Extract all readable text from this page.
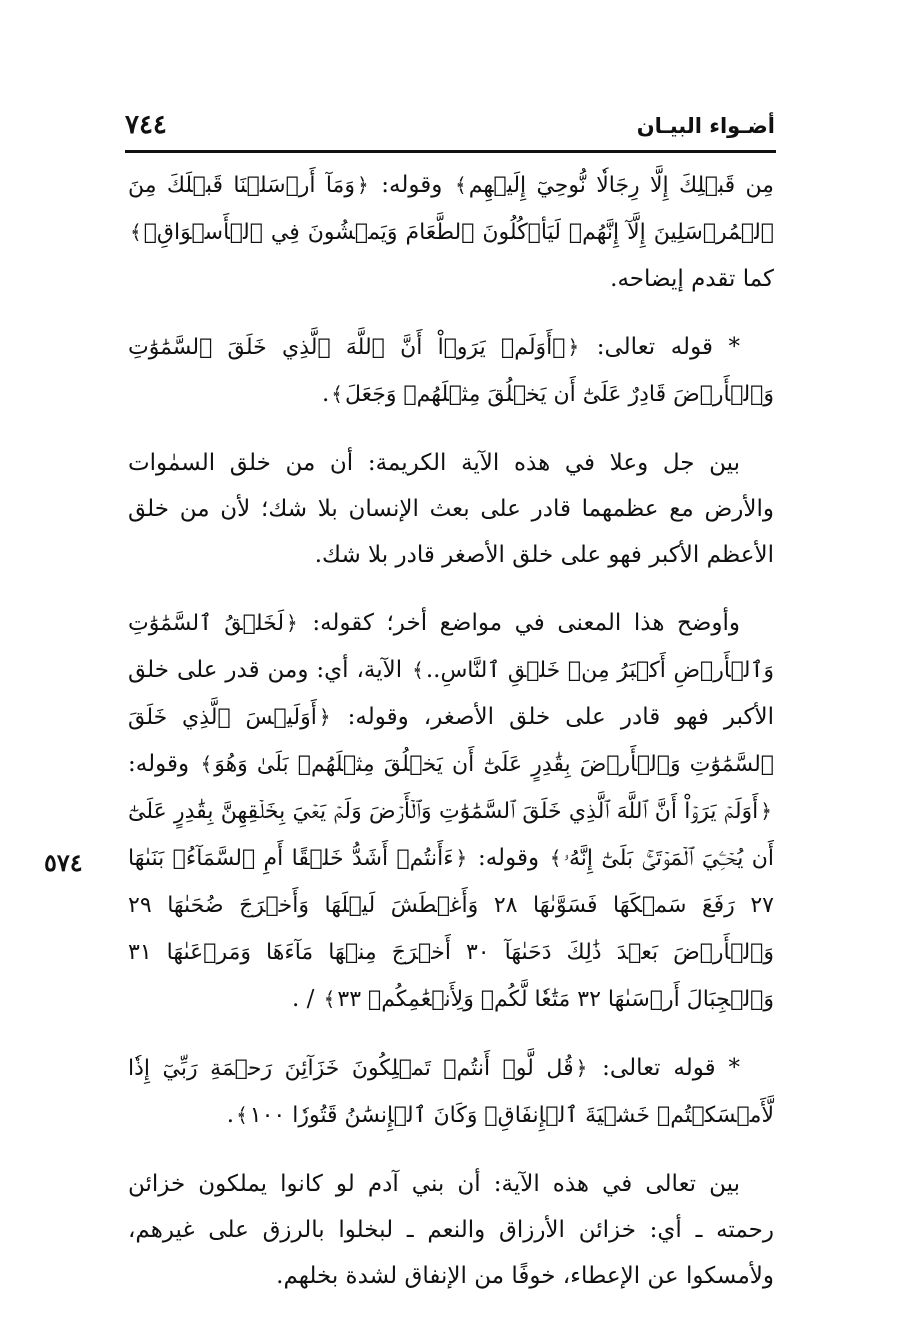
أضـواء البيـان
٧٤٤

مِن قَبۡلِكَ إِلَّا رِجَالٗا نُّوحِيٓ إِلَيۡهِم﴾ وقوله: ﴿وَمَآ أَرۡسَلۡنَا قَبۡلَكَ مِنَ ٱلۡمُرۡسَلِينَ إِلَّآ إِنَّهُمۡ لَيَأۡكُلُونَ ٱلطَّعَامَ وَيَمۡشُونَ فِي ٱلۡأَسۡوَاقِۗ﴾ كما تقدم إيضاحه.

* قوله تعالى: ﴿۞أَوَلَمۡ يَرَوۡاْ أَنَّ ٱللَّهَ ٱلَّذِي خَلَقَ ٱلسَّمَٰوَٰتِ وَٱلۡأَرۡضَ قَادِرٌ عَلَىٰٓ أَن يَخۡلُقَ مِثۡلَهُمۡ وَجَعَلَ﴾.

بين جل وعلا في هذه الآية الكريمة: أن من خلق السمٰوات والأرض مع عظمهما قادر على بعث الإنسان بلا شك؛ لأن من خلق الأعظم الأكبر فهو على خلق الأصغر قادر بلا شك.

وأوضح هذا المعنى في مواضع أخر؛ كقوله: ﴿لَخَلۡقُ ٱلسَّمَٰوَٰتِ وَٱلۡأَرۡضِ أَكۡبَرُ مِنۡ خَلۡقِ ٱلنَّاسِ..﴾ الآية، أي: ومن قدر على خلق الأكبر فهو قادر على خلق الأصغر، وقوله: ﴿أَوَلَيۡسَ ٱلَّذِي خَلَقَ ٱلسَّمَٰوَٰتِ وَٱلۡأَرۡضَ بِقَٰدِرٍ عَلَىٰٓ أَن يَخۡلُقَ مِثۡلَهُمۚ بَلَىٰ وَهُوَ﴾ وقوله: ﴿أَوَلَمۡ يَرَوۡاْ أَنَّ ٱللَّهَ ٱلَّذِي خَلَقَ ٱلسَّمَٰوَٰتِ وَٱلۡأَرۡضَ وَلَمۡ يَعۡيَ بِخَلۡقِهِنَّ بِقَٰدِرٍ عَلَىٰٓ أَن يُحۡـِۧيَ ٱلۡمَوۡتَىٰۚ بَلَىٰٓ إِنَّهُۥ﴾ وقوله: ﴿ءَأَنتُمۡ أَشَدُّ خَلۡقًا أَمِ ٱلسَّمَآءُۚ بَنَىٰهَا ٢٧ رَفَعَ سَمۡكَهَا فَسَوَّىٰهَا ٢٨ وَأَغۡطَشَ لَيۡلَهَا وَأَخۡرَجَ ضُحَىٰهَا ٢٩ وَٱلۡأَرۡضَ بَعۡدَ ذَٰلِكَ دَحَىٰهَآ ٣٠ أَخۡرَجَ مِنۡهَا مَآءَهَا وَمَرۡعَىٰهَا ٣١ وَٱلۡجِبَالَ أَرۡسَىٰهَا ٣٢ مَتَٰعٗا لَّكُمۡ وَلِأَنۡعَٰمِكُمۡ ٣٣﴾ / .

* قوله تعالى: ﴿قُل لَّوۡ أَنتُمۡ تَمۡلِكُونَ خَزَآئِنَ رَحۡمَةِ رَبِّيٓ إِذٗا لَّأَمۡسَكۡتُمۡ خَشۡيَةَ ٱلۡإِنفَاقِۚ وَكَانَ ٱلۡإِنسَٰنُ قَتُورٗا ١٠٠﴾.

بين تعالى في هذه الآية: أن بني آدم لو كانوا يملكون خزائن رحمته ـ أي: خزائن الأرزاق والنعم ـ لبخلوا بالرزق على غيرهم، ولأمسكوا عن الإعطاء، خوفًا من الإنفاق لشدة بخلهم.

٥٧٤
